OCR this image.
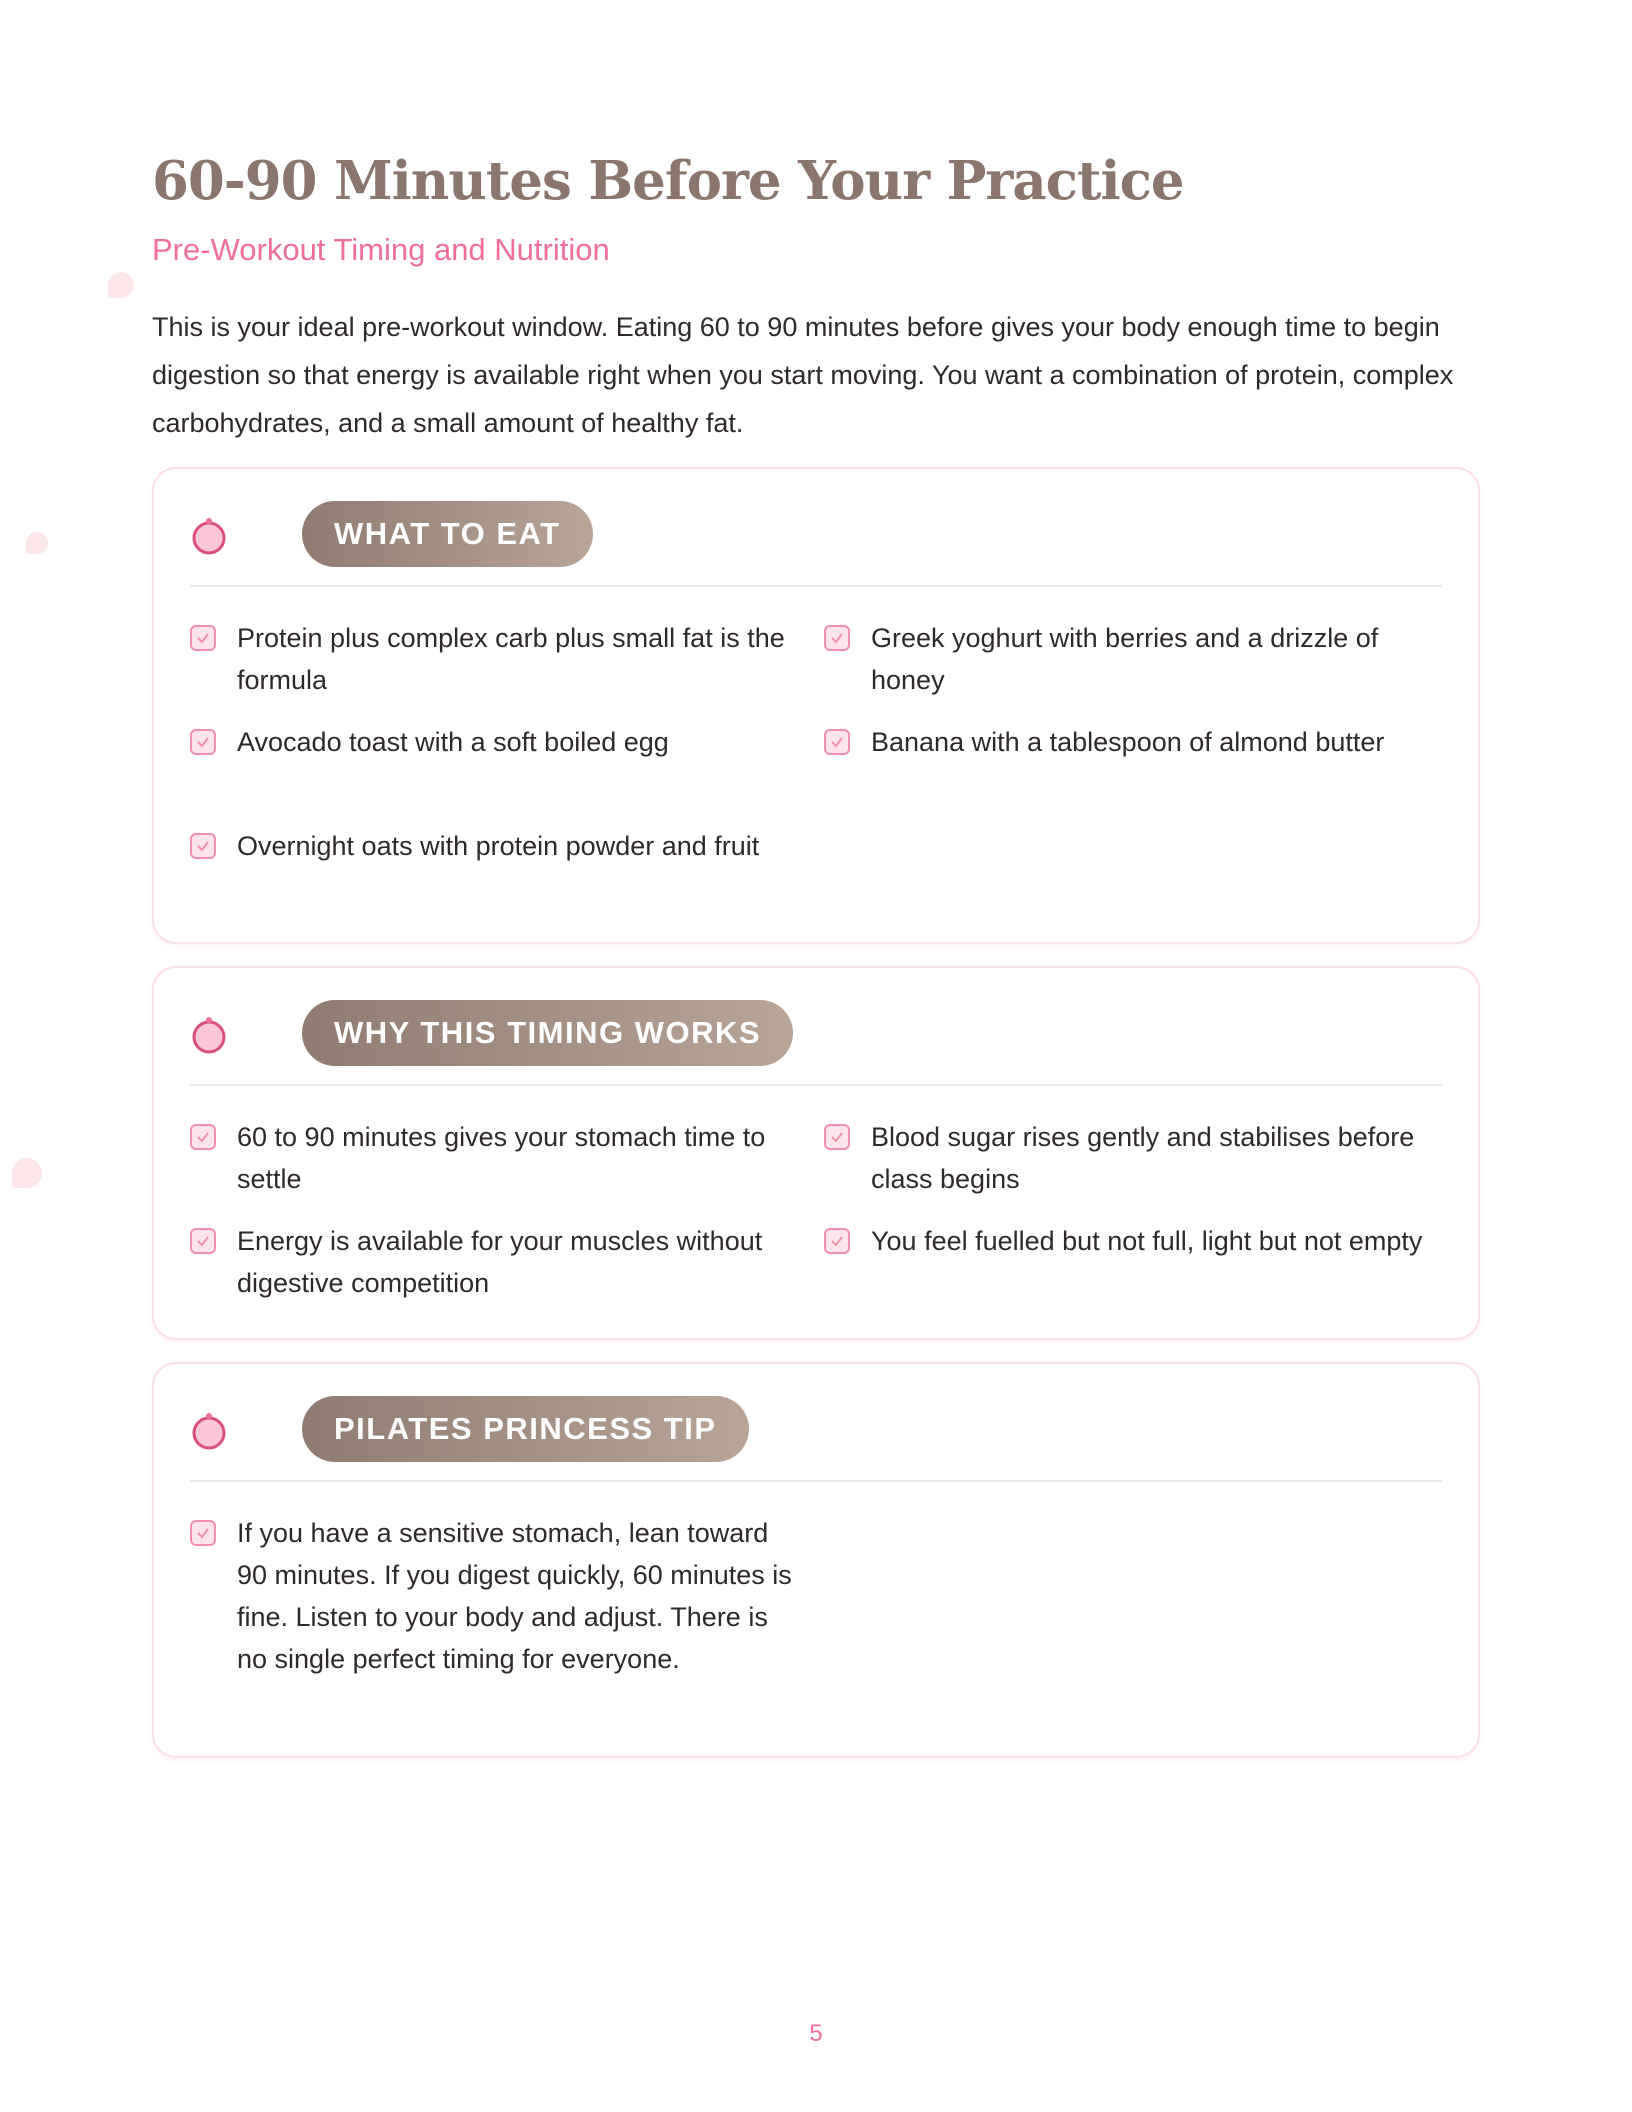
60-90 Minutes Before Your Practice
Pre-Workout Timing and Nutrition
This is your ideal pre-workout window. Eating 60 to 90 minutes before gives your body enough time to begin digestion so that energy is available right when you start moving. You want a combination of protein, complex carbohydrates, and a small amount of healthy fat.
WHAT TO EAT
Protein plus complex carb plus small fat is the formula
Greek yoghurt with berries and a drizzle of honey
Avocado toast with a soft boiled egg	Banana with a tablespoon of almond butter
Overnight oats with protein powder and fruit
WHY THIS TIMING WORKS
60 to 90 minutes gives your stomach time to settle
Blood sugar rises gently and stabilises before class begins
Energy is available for your muscles without digestive competition
You feel fuelled but not full, light but not empty
PILATES PRINCESS TIP
If you have a sensitive stomach, lean toward 90 minutes. If you digest quickly, 60 minutes is fine. Listen to your body and adjust. There is no single perfect timing for everyone.
5
